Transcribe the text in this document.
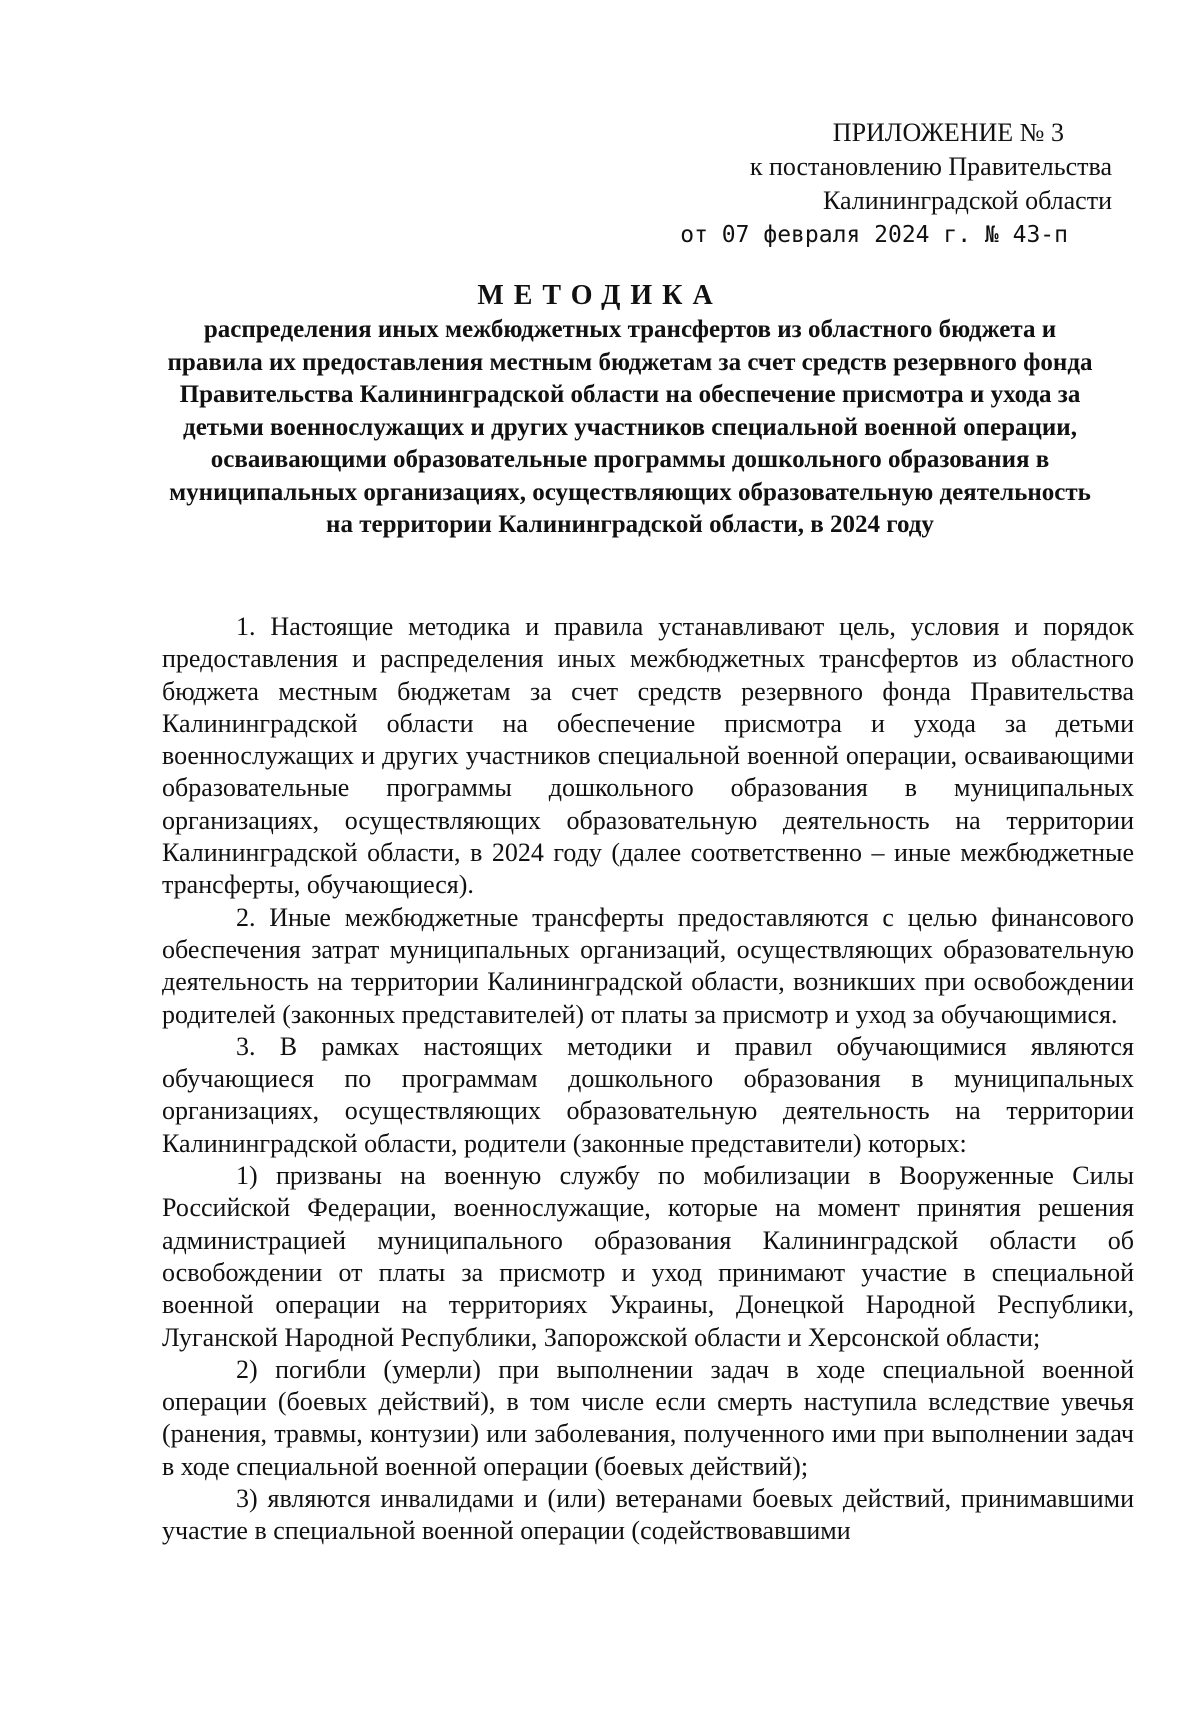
ПРИЛОЖЕНИЕ № 3
к постановлению Правительства
Калининградской области
от 07 февраля 2024 г. № 43-п
МЕТОДИКА
распределения иных межбюджетных трансфертов из областного бюджета и правила их предоставления местным бюджетам за счет средств резервного фонда Правительства Калининградской области на обеспечение присмотра и ухода за детьми военнослужащих и других участников специальной военной операции, осваивающими образовательные программы дошкольного образования в муниципальных организациях, осуществляющих образовательную деятельность на территории Калининградской области, в 2024 году

1. Настоящие методика и правила устанавливают цель, условия и порядок предоставления и распределения иных межбюджетных трансфертов из областного бюджета местным бюджетам за счет средств резервного фонда Правительства Калининградской области на обеспечение присмотра и ухода за детьми военнослужащих и других участников специальной военной операции, осваивающими образовательные программы дошкольного образования в муниципальных организациях, осуществляющих образовательную деятельность на территории Калининградской области, в 2024 году (далее соответственно – иные межбюджетные трансферты, обучающиеся).

2. Иные межбюджетные трансферты предоставляются с целью финансового обеспечения затрат муниципальных организаций, осуществляющих образовательную деятельность на территории Калининградской области, возникших при освобождении родителей (законных представителей) от платы за присмотр и уход за обучающимися.

3. В рамках настоящих методики и правил обучающимися являются обучающиеся по программам дошкольного образования в муниципальных организациях, осуществляющих образовательную деятельность на территории Калининградской области, родители (законные представители) которых:

1) призваны на военную службу по мобилизации в Вооруженные Силы Российской Федерации, военнослужащие, которые на момент принятия решения администрацией муниципального образования Калининградской области об освобождении от платы за присмотр и уход принимают участие в специальной военной операции на территориях Украины, Донецкой Народной Республики, Луганской Народной Республики, Запорожской области и Херсонской области;

2) погибли (умерли) при выполнении задач в ходе специальной военной операции (боевых действий), в том числе если смерть наступила вследствие увечья (ранения, травмы, контузии) или заболевания, полученного ими при выполнении задач в ходе специальной военной операции (боевых действий);

3) являются инвалидами и (или) ветеранами боевых действий, принимавшими участие в специальной военной операции (содействовавшими
